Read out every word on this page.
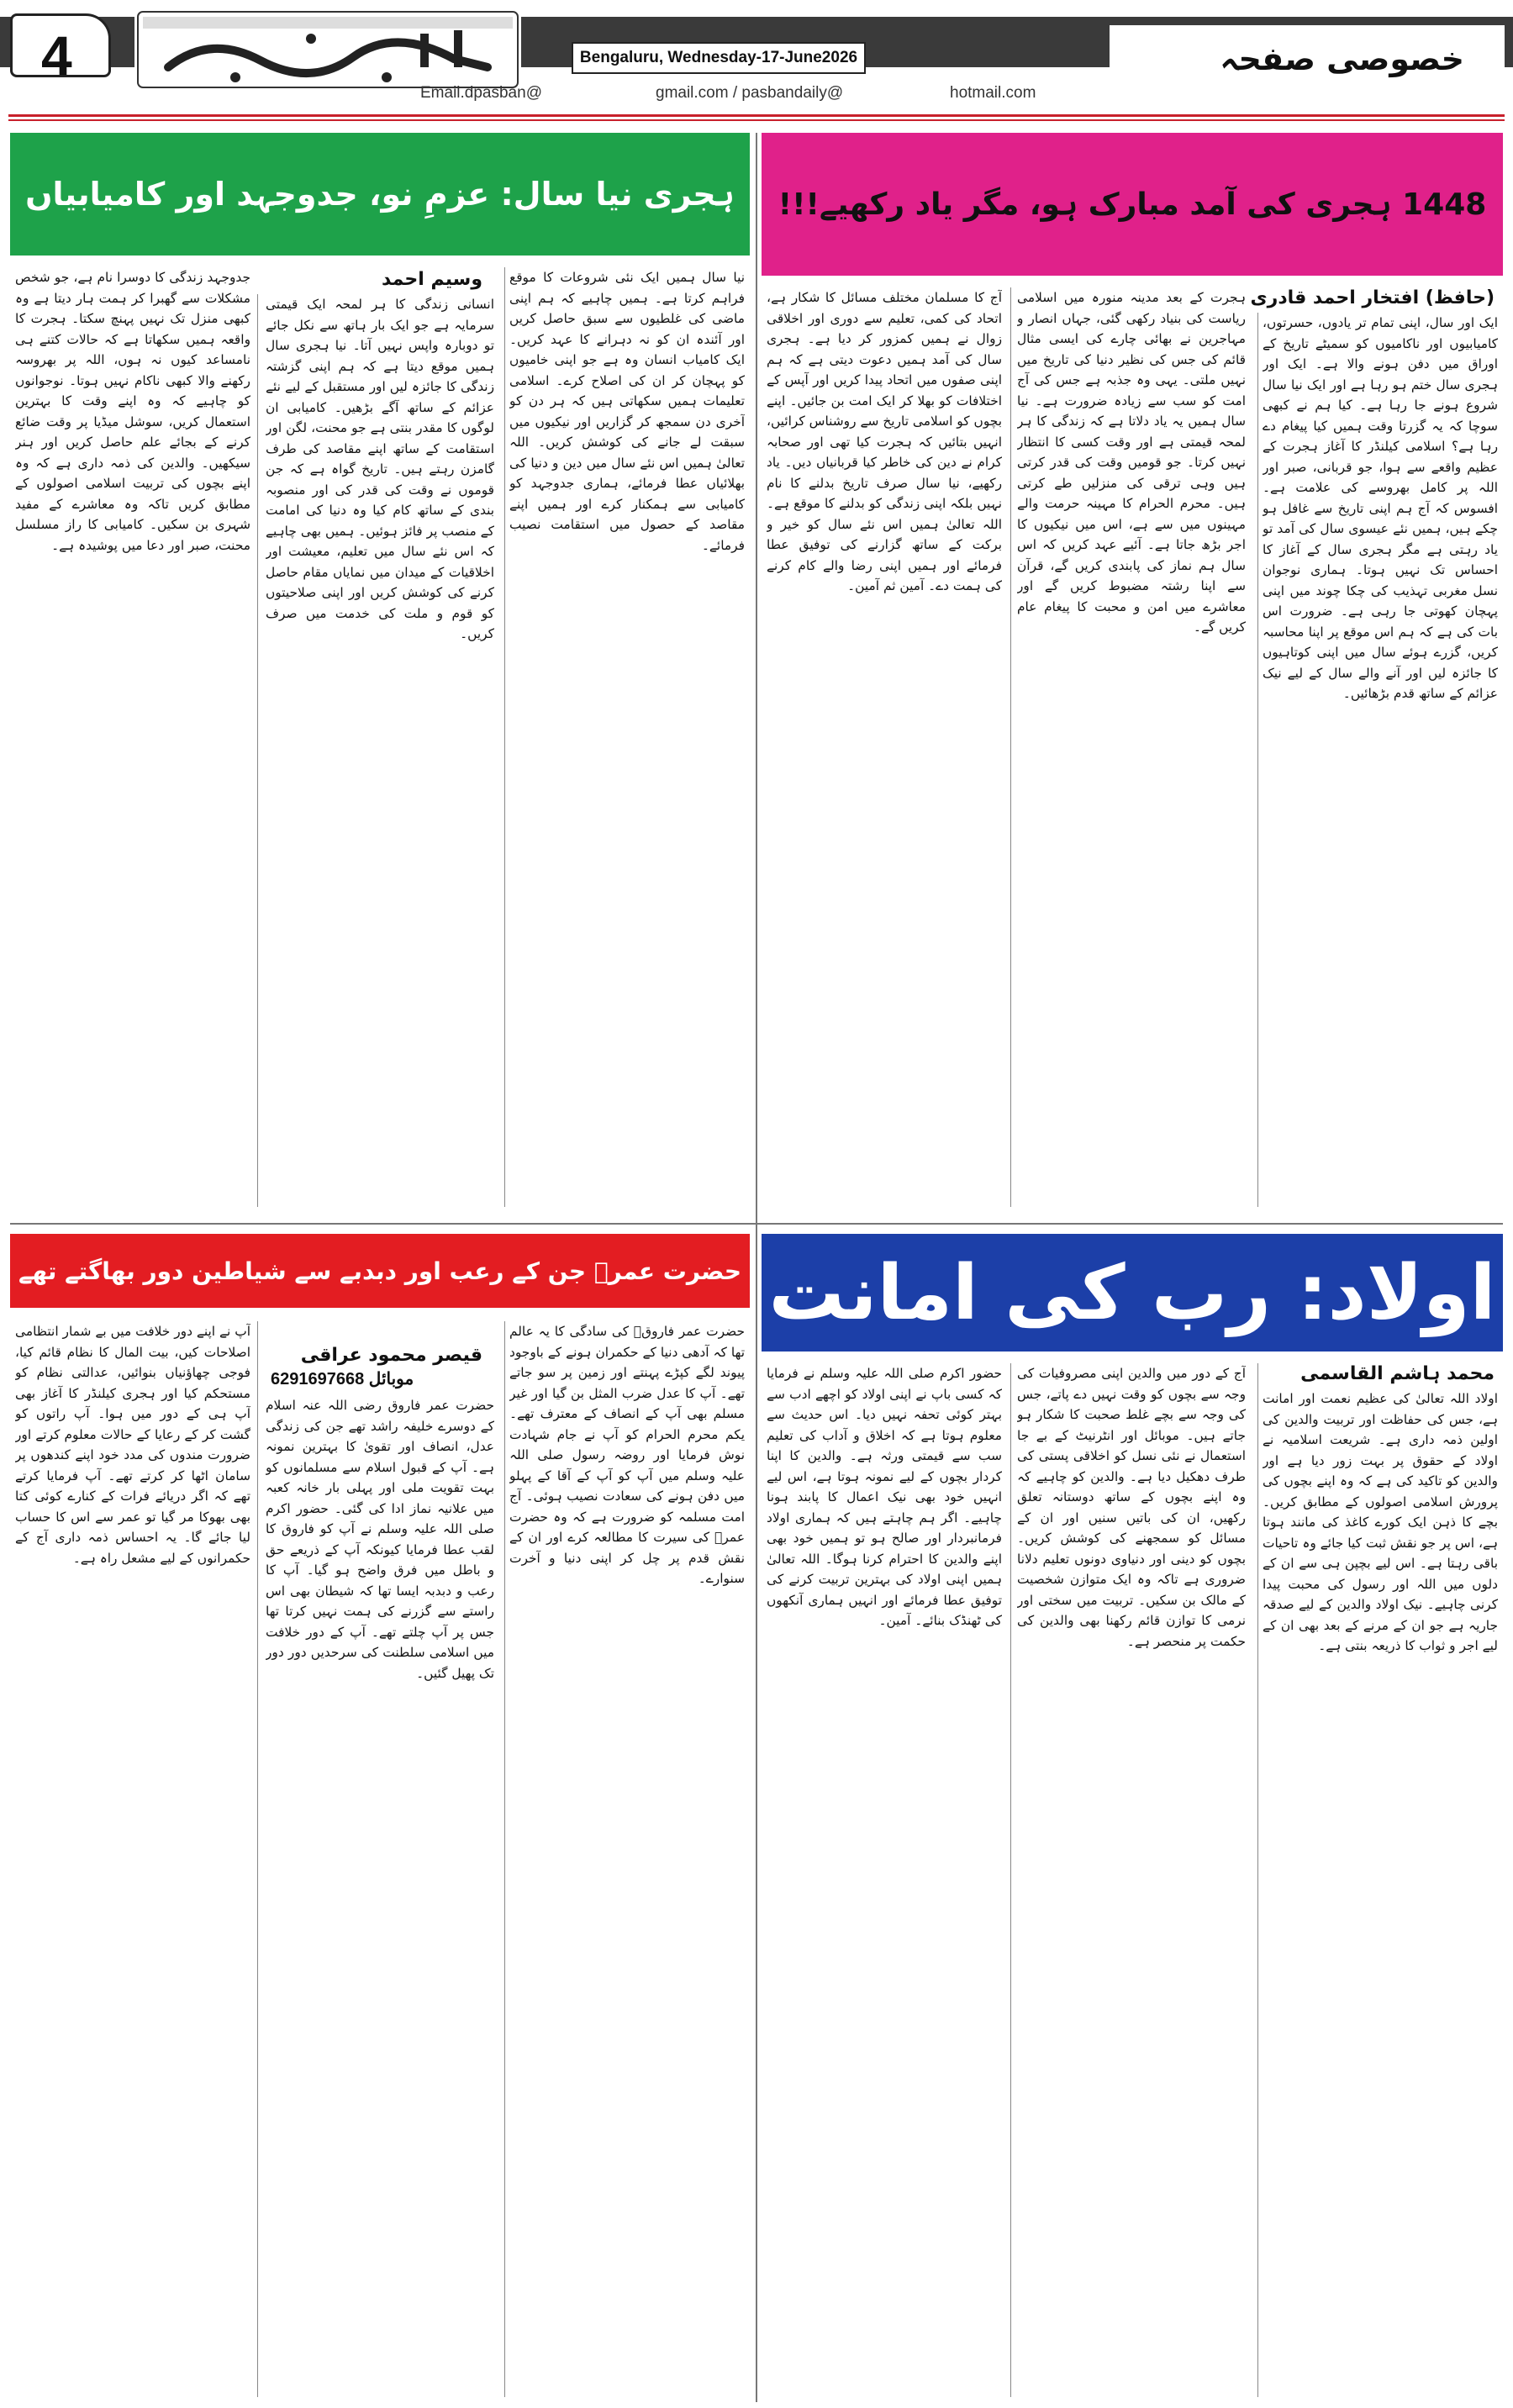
4	Bengaluru, Wednesday-17-June2026	خصوصی صفحہ
Email.dpasban@	gmail.com / pasbandaily@	hotmail.com
1448 ہجری کی آمد مبارک ہو، مگر یاد رکھیے!!!
(حافظ) افتخار احمد قادری
ایک اور سال، اپنی تمام تر یادوں، حسرتوں، کامیابیوں اور ناکامیوں کو سمیٹے تاریخ کے اوراق میں دفن ہونے والا ہے۔ ایک اور ہجری سال ختم ہو رہا ہے اور ایک نیا سال شروع ہونے جا رہا ہے۔ کیا ہم نے کبھی سوچا کہ یہ گزرتا وقت ہمیں کیا پیغام دے رہا ہے؟ اسلامی کیلنڈر کا آغاز ہجرت کے عظیم واقعے سے ہوا، جو قربانی، صبر اور اللہ پر کامل بھروسے کی علامت ہے۔ افسوس کہ آج ہم اپنی تاریخ سے غافل ہو چکے ہیں، ہمیں نئے عیسوی سال کی آمد تو یاد رہتی ہے مگر ہجری سال کے آغاز کا احساس تک نہیں ہوتا۔ ہماری نوجوان نسل مغربی تہذیب کی چکا چوند میں اپنی پہچان کھوتی جا رہی ہے۔ ضرورت اس بات کی ہے کہ ہم اس موقع پر اپنا محاسبہ کریں، گزرے ہوئے سال میں اپنی کوتاہیوں کا جائزہ لیں اور آنے والے سال کے لیے نیک عزائم کے ساتھ قدم بڑھائیں۔
ہجرت کے بعد مدینہ منورہ میں اسلامی ریاست کی بنیاد رکھی گئی، جہاں انصار و مہاجرین نے بھائی چارے کی ایسی مثال قائم کی جس کی نظیر دنیا کی تاریخ میں نہیں ملتی۔ یہی وہ جذبہ ہے جس کی آج امت کو سب سے زیادہ ضرورت ہے۔ نیا سال ہمیں یہ یاد دلاتا ہے کہ زندگی کا ہر لمحہ قیمتی ہے اور وقت کسی کا انتظار نہیں کرتا۔ جو قومیں وقت کی قدر کرتی ہیں وہی ترقی کی منزلیں طے کرتی ہیں۔ محرم الحرام کا مہینہ حرمت والے مہینوں میں سے ہے، اس میں نیکیوں کا اجر بڑھ جاتا ہے۔ آئیے عہد کریں کہ اس سال ہم نماز کی پابندی کریں گے، قرآن سے اپنا رشتہ مضبوط کریں گے اور معاشرے میں امن و محبت کا پیغام عام کریں گے۔
آج کا مسلمان مختلف مسائل کا شکار ہے، اتحاد کی کمی، تعلیم سے دوری اور اخلاقی زوال نے ہمیں کمزور کر دیا ہے۔ ہجری سال کی آمد ہمیں دعوت دیتی ہے کہ ہم اپنی صفوں میں اتحاد پیدا کریں اور آپس کے اختلافات کو بھلا کر ایک امت بن جائیں۔ اپنے بچوں کو اسلامی تاریخ سے روشناس کرائیں، انہیں بتائیں کہ ہجرت کیا تھی اور صحابہ کرام نے دین کی خاطر کیا قربانیاں دیں۔ یاد رکھیے، نیا سال صرف تاریخ بدلنے کا نام نہیں بلکہ اپنی زندگی کو بدلنے کا موقع ہے۔ اللہ تعالیٰ ہمیں اس نئے سال کو خیر و برکت کے ساتھ گزارنے کی توفیق عطا فرمائے اور ہمیں اپنی رضا والے کام کرنے کی ہمت دے۔ آمین ثم آمین۔
ہجری نیا سال: عزمِ نو، جدوجہد اور کامیابیاں
وسیم احمد نیا سال ہمیں ایک نئی شروعات کا موقع فراہم کرتا ہے۔ ہمیں چاہیے کہ ہم اپنی ماضی کی غلطیوں سے سبق حاصل کریں اور آئندہ ان کو نہ دہرانے کا عہد کریں۔ ایک کامیاب انسان وہ ہے جو اپنی خامیوں کو پہچان کر ان کی اصلاح کرے۔ اسلامی تعلیمات ہمیں سکھاتی ہیں کہ ہر دن کو آخری دن سمجھ کر گزاریں اور نیکیوں میں سبقت لے جانے کی کوشش کریں۔ اللہ تعالیٰ ہمیں اس نئے سال میں دین و دنیا کی بھلائیاں عطا فرمائے، ہماری جدوجہد کو کامیابی سے ہمکنار کرے اور ہمیں اپنے مقاصد کے حصول میں استقامت نصیب فرمائے۔
انسانی زندگی کا ہر لمحہ ایک قیمتی سرمایہ ہے جو ایک بار ہاتھ سے نکل جائے تو دوبارہ واپس نہیں آتا۔ نیا ہجری سال ہمیں موقع دیتا ہے کہ ہم اپنی گزشتہ زندگی کا جائزہ لیں اور مستقبل کے لیے نئے عزائم کے ساتھ آگے بڑھیں۔ کامیابی ان لوگوں کا مقدر بنتی ہے جو محنت، لگن اور استقامت کے ساتھ اپنے مقاصد کی طرف گامزن رہتے ہیں۔ تاریخ گواہ ہے کہ جن قوموں نے وقت کی قدر کی اور منصوبہ بندی کے ساتھ کام کیا وہ دنیا کی امامت کے منصب پر فائز ہوئیں۔ ہمیں بھی چاہیے کہ اس نئے سال میں تعلیم، معیشت اور اخلاقیات کے میدان میں نمایاں مقام حاصل کرنے کی کوشش کریں اور اپنی صلاحیتوں کو قوم و ملت کی خدمت میں صرف کریں۔
جدوجہد زندگی کا دوسرا نام ہے، جو شخص مشکلات سے گھبرا کر ہمت ہار دیتا ہے وہ کبھی منزل تک نہیں پہنچ سکتا۔ ہجرت کا واقعہ ہمیں سکھاتا ہے کہ حالات کتنے ہی نامساعد کیوں نہ ہوں، اللہ پر بھروسہ رکھنے والا کبھی ناکام نہیں ہوتا۔ نوجوانوں کو چاہیے کہ وہ اپنے وقت کا بہترین استعمال کریں، سوشل میڈیا پر وقت ضائع کرنے کے بجائے علم حاصل کریں اور ہنر سیکھیں۔ والدین کی ذمہ داری ہے کہ وہ اپنے بچوں کی تربیت اسلامی اصولوں کے مطابق کریں تاکہ وہ معاشرے کے مفید شہری بن سکیں۔ کامیابی کا راز مسلسل محنت، صبر اور دعا میں پوشیدہ ہے۔
اولاد: رب کی امانت
محمد ہاشم القاسمی
اولاد اللہ تعالیٰ کی عظیم نعمت اور امانت ہے، جس کی حفاظت اور تربیت والدین کی اولین ذمہ داری ہے۔ شریعت اسلامیہ نے اولاد کے حقوق پر بہت زور دیا ہے اور والدین کو تاکید کی ہے کہ وہ اپنے بچوں کی پرورش اسلامی اصولوں کے مطابق کریں۔ بچے کا ذہن ایک کورے کاغذ کی مانند ہوتا ہے، اس پر جو نقش ثبت کیا جائے وہ تاحیات باقی رہتا ہے۔ اس لیے بچپن ہی سے ان کے دلوں میں اللہ اور رسول کی محبت پیدا کرنی چاہیے۔ نیک اولاد والدین کے لیے صدقہ جاریہ ہے جو ان کے مرنے کے بعد بھی ان کے لیے اجر و ثواب کا ذریعہ بنتی ہے۔
آج کے دور میں والدین اپنی مصروفیات کی وجہ سے بچوں کو وقت نہیں دے پاتے، جس کی وجہ سے بچے غلط صحبت کا شکار ہو جاتے ہیں۔ موبائل اور انٹرنیٹ کے بے جا استعمال نے نئی نسل کو اخلاقی پستی کی طرف دھکیل دیا ہے۔ والدین کو چاہیے کہ وہ اپنے بچوں کے ساتھ دوستانہ تعلق رکھیں، ان کی باتیں سنیں اور ان کے مسائل کو سمجھنے کی کوشش کریں۔ بچوں کو دینی اور دنیاوی دونوں تعلیم دلانا ضروری ہے تاکہ وہ ایک متوازن شخصیت کے مالک بن سکیں۔ تربیت میں سختی اور نرمی کا توازن قائم رکھنا بھی والدین کی حکمت پر منحصر ہے۔
حضور اکرم صلی اللہ علیہ وسلم نے فرمایا کہ کسی باپ نے اپنی اولاد کو اچھے ادب سے بہتر کوئی تحفہ نہیں دیا۔ اس حدیث سے معلوم ہوتا ہے کہ اخلاق و آداب کی تعلیم سب سے قیمتی ورثہ ہے۔ والدین کا اپنا کردار بچوں کے لیے نمونہ ہوتا ہے، اس لیے انہیں خود بھی نیک اعمال کا پابند ہونا چاہیے۔ اگر ہم چاہتے ہیں کہ ہماری اولاد فرمانبردار اور صالح ہو تو ہمیں خود بھی اپنے والدین کا احترام کرنا ہوگا۔ اللہ تعالیٰ ہمیں اپنی اولاد کی بہترین تربیت کرنے کی توفیق عطا فرمائے اور انہیں ہماری آنکھوں کی ٹھنڈک بنائے۔ آمین۔
حضرت عمرؓ جن کے رعب اور دبدبے سے شیاطین دور بھاگتے تھے
قیصر محمود عراقی
موبائل 6291697668
حضرت عمر فاروقؓ کی سادگی کا یہ عالم تھا کہ آدھی دنیا کے حکمران ہونے کے باوجود پیوند لگے کپڑے پہنتے اور زمین پر سو جاتے تھے۔ آپ کا عدل ضرب المثل بن گیا اور غیر مسلم بھی آپ کے انصاف کے معترف تھے۔ یکم محرم الحرام کو آپ نے جام شہادت نوش فرمایا اور روضہ رسول صلی اللہ علیہ وسلم میں آپ کو آپ کے آقا کے پہلو میں دفن ہونے کی سعادت نصیب ہوئی۔ آج امت مسلمہ کو ضرورت ہے کہ وہ حضرت عمرؓ کی سیرت کا مطالعہ کرے اور ان کے نقش قدم پر چل کر اپنی دنیا و آخرت سنوارے۔
حضرت عمر فاروق رضی اللہ عنہ اسلام کے دوسرے خلیفہ راشد تھے جن کی زندگی عدل، انصاف اور تقویٰ کا بہترین نمونہ ہے۔ آپ کے قبول اسلام سے مسلمانوں کو بہت تقویت ملی اور پہلی بار خانہ کعبہ میں علانیہ نماز ادا کی گئی۔ حضور اکرم صلی اللہ علیہ وسلم نے آپ کو فاروق کا لقب عطا فرمایا کیونکہ آپ کے ذریعے حق و باطل میں فرق واضح ہو گیا۔ آپ کا رعب و دبدبہ ایسا تھا کہ شیطان بھی اس راستے سے گزرنے کی ہمت نہیں کرتا تھا جس پر آپ چلتے تھے۔ آپ کے دور خلافت میں اسلامی سلطنت کی سرحدیں دور دور تک پھیل گئیں۔
آپ نے اپنے دور خلافت میں بے شمار انتظامی اصلاحات کیں، بیت المال کا نظام قائم کیا، فوجی چھاؤنیاں بنوائیں، عدالتی نظام کو مستحکم کیا اور ہجری کیلنڈر کا آغاز بھی آپ ہی کے دور میں ہوا۔ آپ راتوں کو گشت کر کے رعایا کے حالات معلوم کرتے اور ضرورت مندوں کی مدد خود اپنے کندھوں پر سامان اٹھا کر کرتے تھے۔ آپ فرمایا کرتے تھے کہ اگر دریائے فرات کے کنارے کوئی کتا بھی بھوکا مر گیا تو عمر سے اس کا حساب لیا جائے گا۔ یہ احساس ذمہ داری آج کے حکمرانوں کے لیے مشعل راہ ہے۔
